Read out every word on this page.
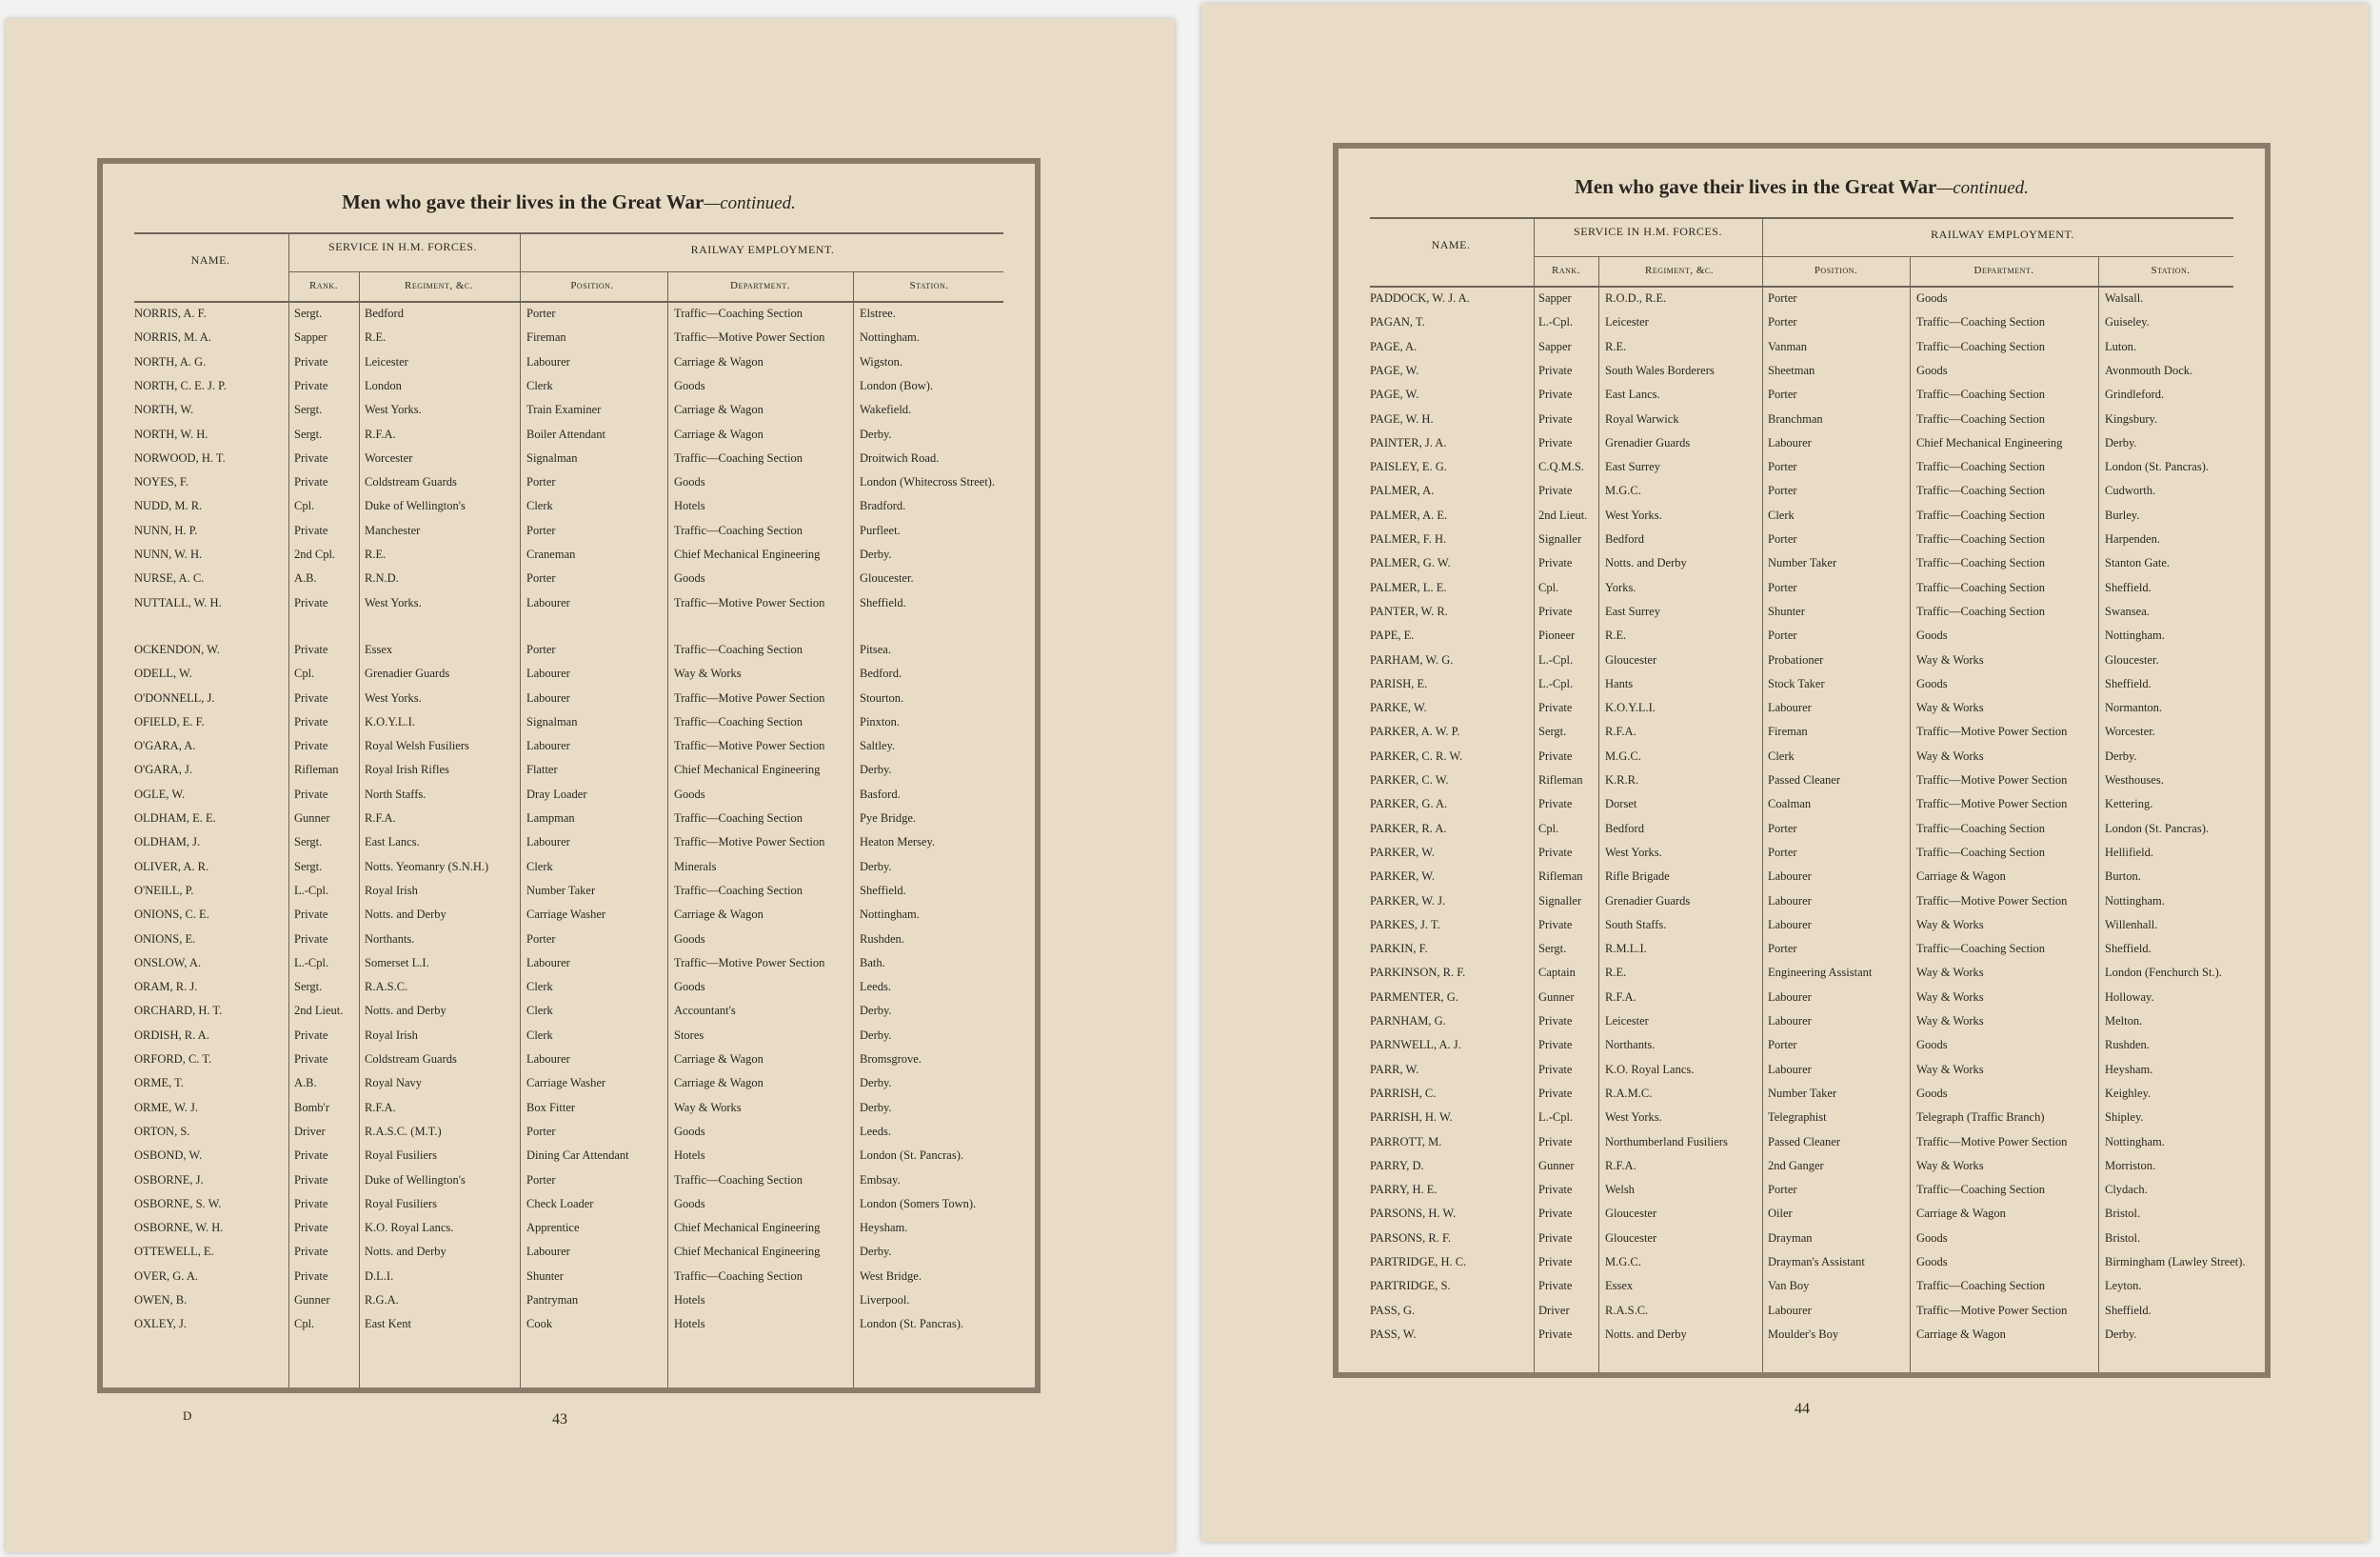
Men who gave their lives in the Great War—continued.
NAME.
SERVICE IN H.M. FORCES.	RAILWAY EMPLOYMENT.
Rank.	Regiment, &c.	Position.	Department.	Station.
NORRIS, A. F.	Sergt.	Bedford	Porter	Traffic—Coaching Section	Elstree.
NORRIS, M. A.	Sapper	R.E.	Fireman	Traffic—Motive Power Section	Nottingham.
NORTH, A. G.	Private	Leicester	Labourer	Carriage & Wagon	Wigston.
NORTH, C. E. J. P.	Private	London	Clerk	Goods	London (Bow).
NORTH, W.	Sergt.	West Yorks.	Train Examiner	Carriage & Wagon	Wakefield.
NORTH, W. H.	Sergt.	R.F.A.	Boiler Attendant	Carriage & Wagon	Derby.
NORWOOD, H. T.	Private	Worcester	Signalman	Traffic—Coaching Section	Droitwich Road.
NOYES, F.	Private	Coldstream Guards	Porter	Goods	London (Whitecross Street).
NUDD, M. R.	Cpl.	Duke of Wellington's	Clerk	Hotels	Bradford.
NUNN, H. P.	Private	Manchester	Porter	Traffic—Coaching Section	Purfleet.
NUNN, W. H.	2nd Cpl.	R.E.	Craneman	Chief Mechanical Engineering	Derby.
NURSE, A. C.	A.B.	R.N.D.	Porter	Goods	Gloucester.
NUTTALL, W. H.	Private	West Yorks.	Labourer	Traffic—Motive Power Section	Sheffield.
OCKENDON, W.	Private	Essex	Porter	Traffic—Coaching Section	Pitsea.
ODELL, W.	Cpl.	Grenadier Guards	Labourer	Way & Works	Bedford.
O'DONNELL, J.	Private	West Yorks.	Labourer	Traffic—Motive Power Section	Stourton.
OFIELD, E. F.	Private	K.O.Y.L.I.	Signalman	Traffic—Coaching Section	Pinxton.
O'GARA, A.	Private	Royal Welsh Fusiliers	Labourer	Traffic—Motive Power Section	Saltley.
O'GARA, J.	Rifleman	Royal Irish Rifles	Flatter	Chief Mechanical Engineering	Derby.
OGLE, W.	Private	North Staffs.	Dray Loader	Goods	Basford.
OLDHAM, E. E.	Gunner	R.F.A.	Lampman	Traffic—Coaching Section	Pye Bridge.
OLDHAM, J.	Sergt.	East Lancs.	Labourer	Traffic—Motive Power Section	Heaton Mersey.
OLIVER, A. R.	Sergt.	Notts. Yeomanry (S.N.H.)	Clerk	Minerals	Derby.
O'NEILL, P.	L.-Cpl.	Royal Irish	Number Taker	Traffic—Coaching Section	Sheffield.
ONIONS, C. E.	Private	Notts. and Derby	Carriage Washer	Carriage & Wagon	Nottingham.
ONIONS, E.	Private	Northants.	Porter	Goods	Rushden.
ONSLOW, A.	L.-Cpl.	Somerset L.I.	Labourer	Traffic—Motive Power Section	Bath.
ORAM, R. J.	Sergt.	R.A.S.C.	Clerk	Goods	Leeds.
ORCHARD, H. T.	2nd Lieut.	Notts. and Derby	Clerk	Accountant's	Derby.
ORDISH, R. A.	Private	Royal Irish	Clerk	Stores	Derby.
ORFORD, C. T.	Private	Coldstream Guards	Labourer	Carriage & Wagon	Bromsgrove.
ORME, T.	A.B.	Royal Navy	Carriage Washer	Carriage & Wagon	Derby.
ORME, W. J.	Bomb'r	R.F.A.	Box Fitter	Way & Works	Derby.
ORTON, S.	Driver	R.A.S.C. (M.T.)	Porter	Goods	Leeds.
OSBOND, W.	Private	Royal Fusiliers	Dining Car Attendant	Hotels	London (St. Pancras).
OSBORNE, J.	Private	Duke of Wellington's	Porter	Traffic—Coaching Section	Embsay.
OSBORNE, S. W.	Private	Royal Fusiliers	Check Loader	Goods	London (Somers Town).
OSBORNE, W. H.	Private	K.O. Royal Lancs.	Apprentice	Chief Mechanical Engineering	Heysham.
OTTEWELL, E.	Private	Notts. and Derby	Labourer	Chief Mechanical Engineering	Derby.
OVER, G. A.	Private	D.L.I.	Shunter	Traffic—Coaching Section	West Bridge.
OWEN, B.	Gunner	R.G.A.	Pantryman	Hotels	Liverpool.
OXLEY, J.	Cpl.	East Kent	Cook	Hotels	London (St. Pancras).
D	43
Men who gave their lives in the Great War—continued.
NAME.
SERVICE IN H.M. FORCES.	RAILWAY EMPLOYMENT.
Rank.	Regiment, &c.	Position.	Department.	Station.
PADDOCK, W. J. A.	Sapper	R.O.D., R.E.	Porter	Goods	Walsall.
PAGAN, T.	L.-Cpl.	Leicester	Porter	Traffic—Coaching Section	Guiseley.
PAGE, A.	Sapper	R.E.	Vanman	Traffic—Coaching Section	Luton.
PAGE, W.	Private	South Wales Borderers	Sheetman	Goods	Avonmouth Dock.
PAGE, W.	Private	East Lancs.	Porter	Traffic—Coaching Section	Grindleford.
PAGE, W. H.	Private	Royal Warwick	Branchman	Traffic—Coaching Section	Kingsbury.
PAINTER, J. A.	Private	Grenadier Guards	Labourer	Chief Mechanical Engineering	Derby.
PAISLEY, E. G.	C.Q.M.S.	East Surrey	Porter	Traffic—Coaching Section	London (St. Pancras).
PALMER, A.	Private	M.G.C.	Porter	Traffic—Coaching Section	Cudworth.
PALMER, A. E.	2nd Lieut.	West Yorks.	Clerk	Traffic—Coaching Section	Burley.
PALMER, F. H.	Signaller	Bedford	Porter	Traffic—Coaching Section	Harpenden.
PALMER, G. W.	Private	Notts. and Derby	Number Taker	Traffic—Coaching Section	Stanton Gate.
PALMER, L. E.	Cpl.	Yorks.	Porter	Traffic—Coaching Section	Sheffield.
PANTER, W. R.	Private	East Surrey	Shunter	Traffic—Coaching Section	Swansea.
PAPE, E.	Pioneer	R.E.	Porter	Goods	Nottingham.
PARHAM, W. G.	L.-Cpl.	Gloucester	Probationer	Way & Works	Gloucester.
PARISH, E.	L.-Cpl.	Hants	Stock Taker	Goods	Sheffield.
PARKE, W.	Private	K.O.Y.L.I.	Labourer	Way & Works	Normanton.
PARKER, A. W. P.	Sergt.	R.F.A.	Fireman	Traffic—Motive Power Section	Worcester.
PARKER, C. R. W.	Private	M.G.C.	Clerk	Way & Works	Derby.
PARKER, C. W.	Rifleman	K.R.R.	Passed Cleaner	Traffic—Motive Power Section	Westhouses.
PARKER, G. A.	Private	Dorset	Coalman	Traffic—Motive Power Section	Kettering.
PARKER, R. A.	Cpl.	Bedford	Porter	Traffic—Coaching Section	London (St. Pancras).
PARKER, W.	Private	West Yorks.	Porter	Traffic—Coaching Section	Hellifield.
PARKER, W.	Rifleman	Rifle Brigade	Labourer	Carriage & Wagon	Burton.
PARKER, W. J.	Signaller	Grenadier Guards	Labourer	Traffic—Motive Power Section	Nottingham.
PARKES, J. T.	Private	South Staffs.	Labourer	Way & Works	Willenhall.
PARKIN, F.	Sergt.	R.M.L.I.	Porter	Traffic—Coaching Section	Sheffield.
PARKINSON, R. F.	Captain	R.E.	Engineering Assistant	Way & Works	London (Fenchurch St.).
PARMENTER, G.	Gunner	R.F.A.	Labourer	Way & Works	Holloway.
PARNHAM, G.	Private	Leicester	Labourer	Way & Works	Melton.
PARNWELL, A. J.	Private	Northants.	Porter	Goods	Rushden.
PARR, W.	Private	K.O. Royal Lancs.	Labourer	Way & Works	Heysham.
PARRISH, C.	Private	R.A.M.C.	Number Taker	Goods	Keighley.
PARRISH, H. W.	L.-Cpl.	West Yorks.	Telegraphist	Telegraph (Traffic Branch)	Shipley.
PARROTT, M.	Private	Northumberland Fusiliers	Passed Cleaner	Traffic—Motive Power Section	Nottingham.
PARRY, D.	Gunner	R.F.A.	2nd Ganger	Way & Works	Morriston.
PARRY, H. E.	Private	Welsh	Porter	Traffic—Coaching Section	Clydach.
PARSONS, H. W.	Private	Gloucester	Oiler	Carriage & Wagon	Bristol.
PARSONS, R. F.	Private	Gloucester	Drayman	Goods	Bristol.
PARTRIDGE, H. C.	Private	M.G.C.	Drayman's Assistant	Goods	Birmingham (Lawley Street).
PARTRIDGE, S.	Private	Essex	Van Boy	Traffic—Coaching Section	Leyton.
PASS, G.	Driver	R.A.S.C.	Labourer	Traffic—Motive Power Section	Sheffield.
PASS, W.	Private	Notts. and Derby	Moulder's Boy	Carriage & Wagon	Derby.
44
